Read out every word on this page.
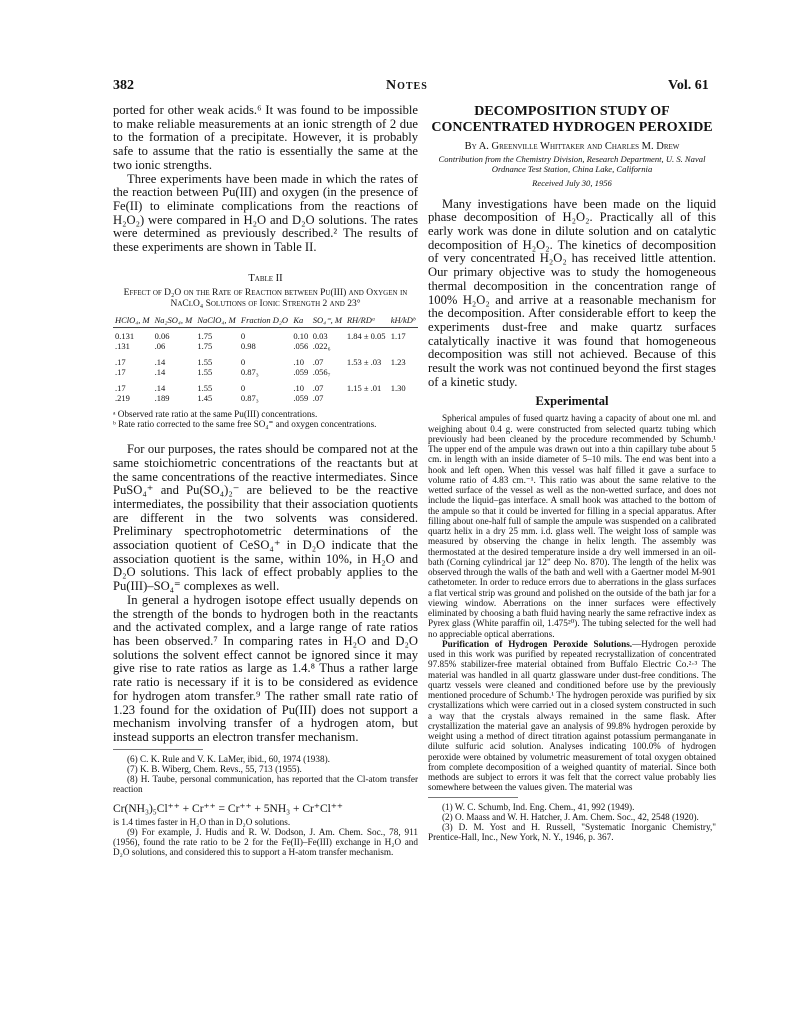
382	Notes	Vol. 61

ported for other weak acids.⁶ It was found to be impossible to make reliable measurements at an ionic strength of 2 due to the formation of a precipitate. However, it is probably safe to assume that the ratio is essentially the same at the two ionic strengths.

Three experiments have been made in which the rates of the reaction between Pu(III) and oxygen (in the presence of Fe(II) to eliminate complications from the reactions of H₂O₂) were compared in H₂O and D₂O solutions. The rates were determined as previously described.² The results of these experiments are shown in Table II.

Table II
Effect of D₂O on the Rate of Reaction between Pu(III) and Oxygen in NaClO₄ Solutions of Ionic Strength 2 and 23°
HClO₄, M	Na₂SO₄, M	NaClO₄, M	Fraction D₂O	Ka	SO₄⁼, M	RH/RDᵃ	kH/kDᵇ
0.131	0.06	1.75	0	0.10	0.03	1.84 ± 0.05	1.17
.131	.06	1.75	0.98	.056	.022₆		
.17	.14	1.55	0	.10	.07	1.53 ± .03	1.23
.17	.14	1.55	0.87₃	.059	.056₇		
.17	.14	1.55	0	.10	.07	1.15 ± .01	1.30
.219	.189	1.45	0.87₃	.059	.07		

ᵃ Observed rate ratio at the same Pu(III) concentrations.

ᵇ Rate ratio corrected to the same free SO₄⁼ and oxygen concentrations.

For our purposes, the rates should be compared not at the same stoichiometric concentrations of the reactants but at the same concentrations of the reactive intermediates. Since PuSO₄⁺ and Pu(SO₄)₂⁻ are believed to be the reactive intermediates, the possibility that their association quotients are different in the two solvents was considered. Preliminary spectrophotometric determinations of the association quotient of CeSO₄⁺ in D₂O indicate that the association quotient is the same, within 10%, in H₂O and D₂O solutions. This lack of effect probably applies to the Pu(III)–SO₄⁼ complexes as well.

In general a hydrogen isotope effect usually depends on the strength of the bonds to hydrogen both in the reactants and the activated complex, and a large range of rate ratios has been observed.⁷ In comparing rates in H₂O and D₂O solutions the solvent effect cannot be ignored since it may give rise to rate ratios as large as 1.4.⁸ Thus a rather large rate ratio is necessary if it is to be considered as evidence for hydrogen atom transfer.⁹ The rather small rate ratio of 1.23 found for the oxidation of Pu(III) does not support a mechanism involving transfer of a hydrogen atom, but instead supports an electron transfer mechanism.

(6) C. K. Rule and V. K. LaMer, ibid., 60, 1974 (1938).

(7) K. B. Wiberg, Chem. Revs., 55, 713 (1955).

(8) H. Taube, personal communication, has reported that the Cl-atom transfer reaction

Cr(NH₃)₅Cl⁺⁺ + Cr⁺⁺ = Cr⁺⁺ + 5NH₃ + Cr⁺Cl⁺⁺

is 1.4 times faster in H₂O than in D₂O solutions.

(9) For example, J. Hudis and R. W. Dodson, J. Am. Chem. Soc., 78, 911 (1956), found the rate ratio to be 2 for the Fe(II)–Fe(III) exchange in H₂O and D₂O solutions, and considered this to support a H-atom transfer mechanism.

DECOMPOSITION STUDY OF CONCENTRATED HYDROGEN PEROXIDE

By A. Greenville Whittaker and Charles M. Drew

Contribution from the Chemistry Division, Research Department, U. S. Naval Ordnance Test Station, China Lake, California

Received July 30, 1956

Many investigations have been made on the liquid phase decomposition of H₂O₂. Practically all of this early work was done in dilute solution and on catalytic decomposition of H₂O₂. The kinetics of decomposition of very concentrated H₂O₂ has received little attention. Our primary objective was to study the homogeneous thermal decomposition in the concentration range of 100% H₂O₂ and arrive at a reasonable mechanism for the decomposition. After considerable effort to keep the experiments dust-free and make quartz surfaces catalytically inactive it was found that homogeneous decomposition was still not achieved. Because of this result the work was not continued beyond the first stages of a kinetic study.

Experimental

Spherical ampules of fused quartz having a capacity of about one ml. and weighing about 0.4 g. were constructed from selected quartz tubing which previously had been cleaned by the procedure recommended by Schumb.¹ The upper end of the ampule was drawn out into a thin capillary tube about 5 cm. in length with an inside diameter of 5–10 mils. The end was bent into a hook and left open. When this vessel was half filled it gave a surface to volume ratio of 4.83 cm.⁻¹. This ratio was about the same relative to the wetted surface of the vessel as well as the non-wetted surface, and does not include the liquid–gas interface. A small hook was attached to the bottom of the ampule so that it could be inverted for filling in a special apparatus. After filling about one-half full of sample the ampule was suspended on a calibrated quartz helix in a dry 25 mm. i.d. glass well. The weight loss of sample was measured by observing the change in helix length. The assembly was thermostated at the desired temperature inside a dry well immersed in an oil-bath (Corning cylindrical jar 12" deep No. 870). The length of the helix was observed through the walls of the bath and well with a Gaertner model M-901 cathetometer. In order to reduce errors due to aberrations in the glass surfaces a flat vertical strip was ground and polished on the outside of the bath jar for a viewing window. Aberrations on the inner surfaces were effectively eliminated by choosing a bath fluid having nearly the same refractive index as Pyrex glass (White paraffin oil, 1.475²⁰). The tubing selected for the well had no appreciable optical aberrations.

Purification of Hydrogen Peroxide Solutions.—Hydrogen peroxide used in this work was purified by repeated recrystallization of concentrated 97.85% stabilizer-free material obtained from Buffalo Electric Co.²·³ The material was handled in all quartz glassware under dust-free conditions. The quartz vessels were cleaned and conditioned before use by the previously mentioned procedure of Schumb.¹ The hydrogen peroxide was purified by six crystallizations which were carried out in a closed system constructed in such a way that the crystals always remained in the same flask. After crystallization the material gave an analysis of 99.8% hydrogen peroxide by weight using a method of direct titration against potassium permanganate in dilute sulfuric acid solution. Analyses indicating 100.0% of hydrogen peroxide were obtained by volumetric measurement of total oxygen obtained from complete decomposition of a weighed quantity of material. Since both methods are subject to errors it was felt that the correct value probably lies somewhere between the values given. The material was

(1) W. C. Schumb, Ind. Eng. Chem., 41, 992 (1949).

(2) O. Maass and W. H. Hatcher, J. Am. Chem. Soc., 42, 2548 (1920).

(3) D. M. Yost and H. Russell, "Systematic Inorganic Chemistry," Prentice-Hall, Inc., New York, N. Y., 1946, p. 367.
